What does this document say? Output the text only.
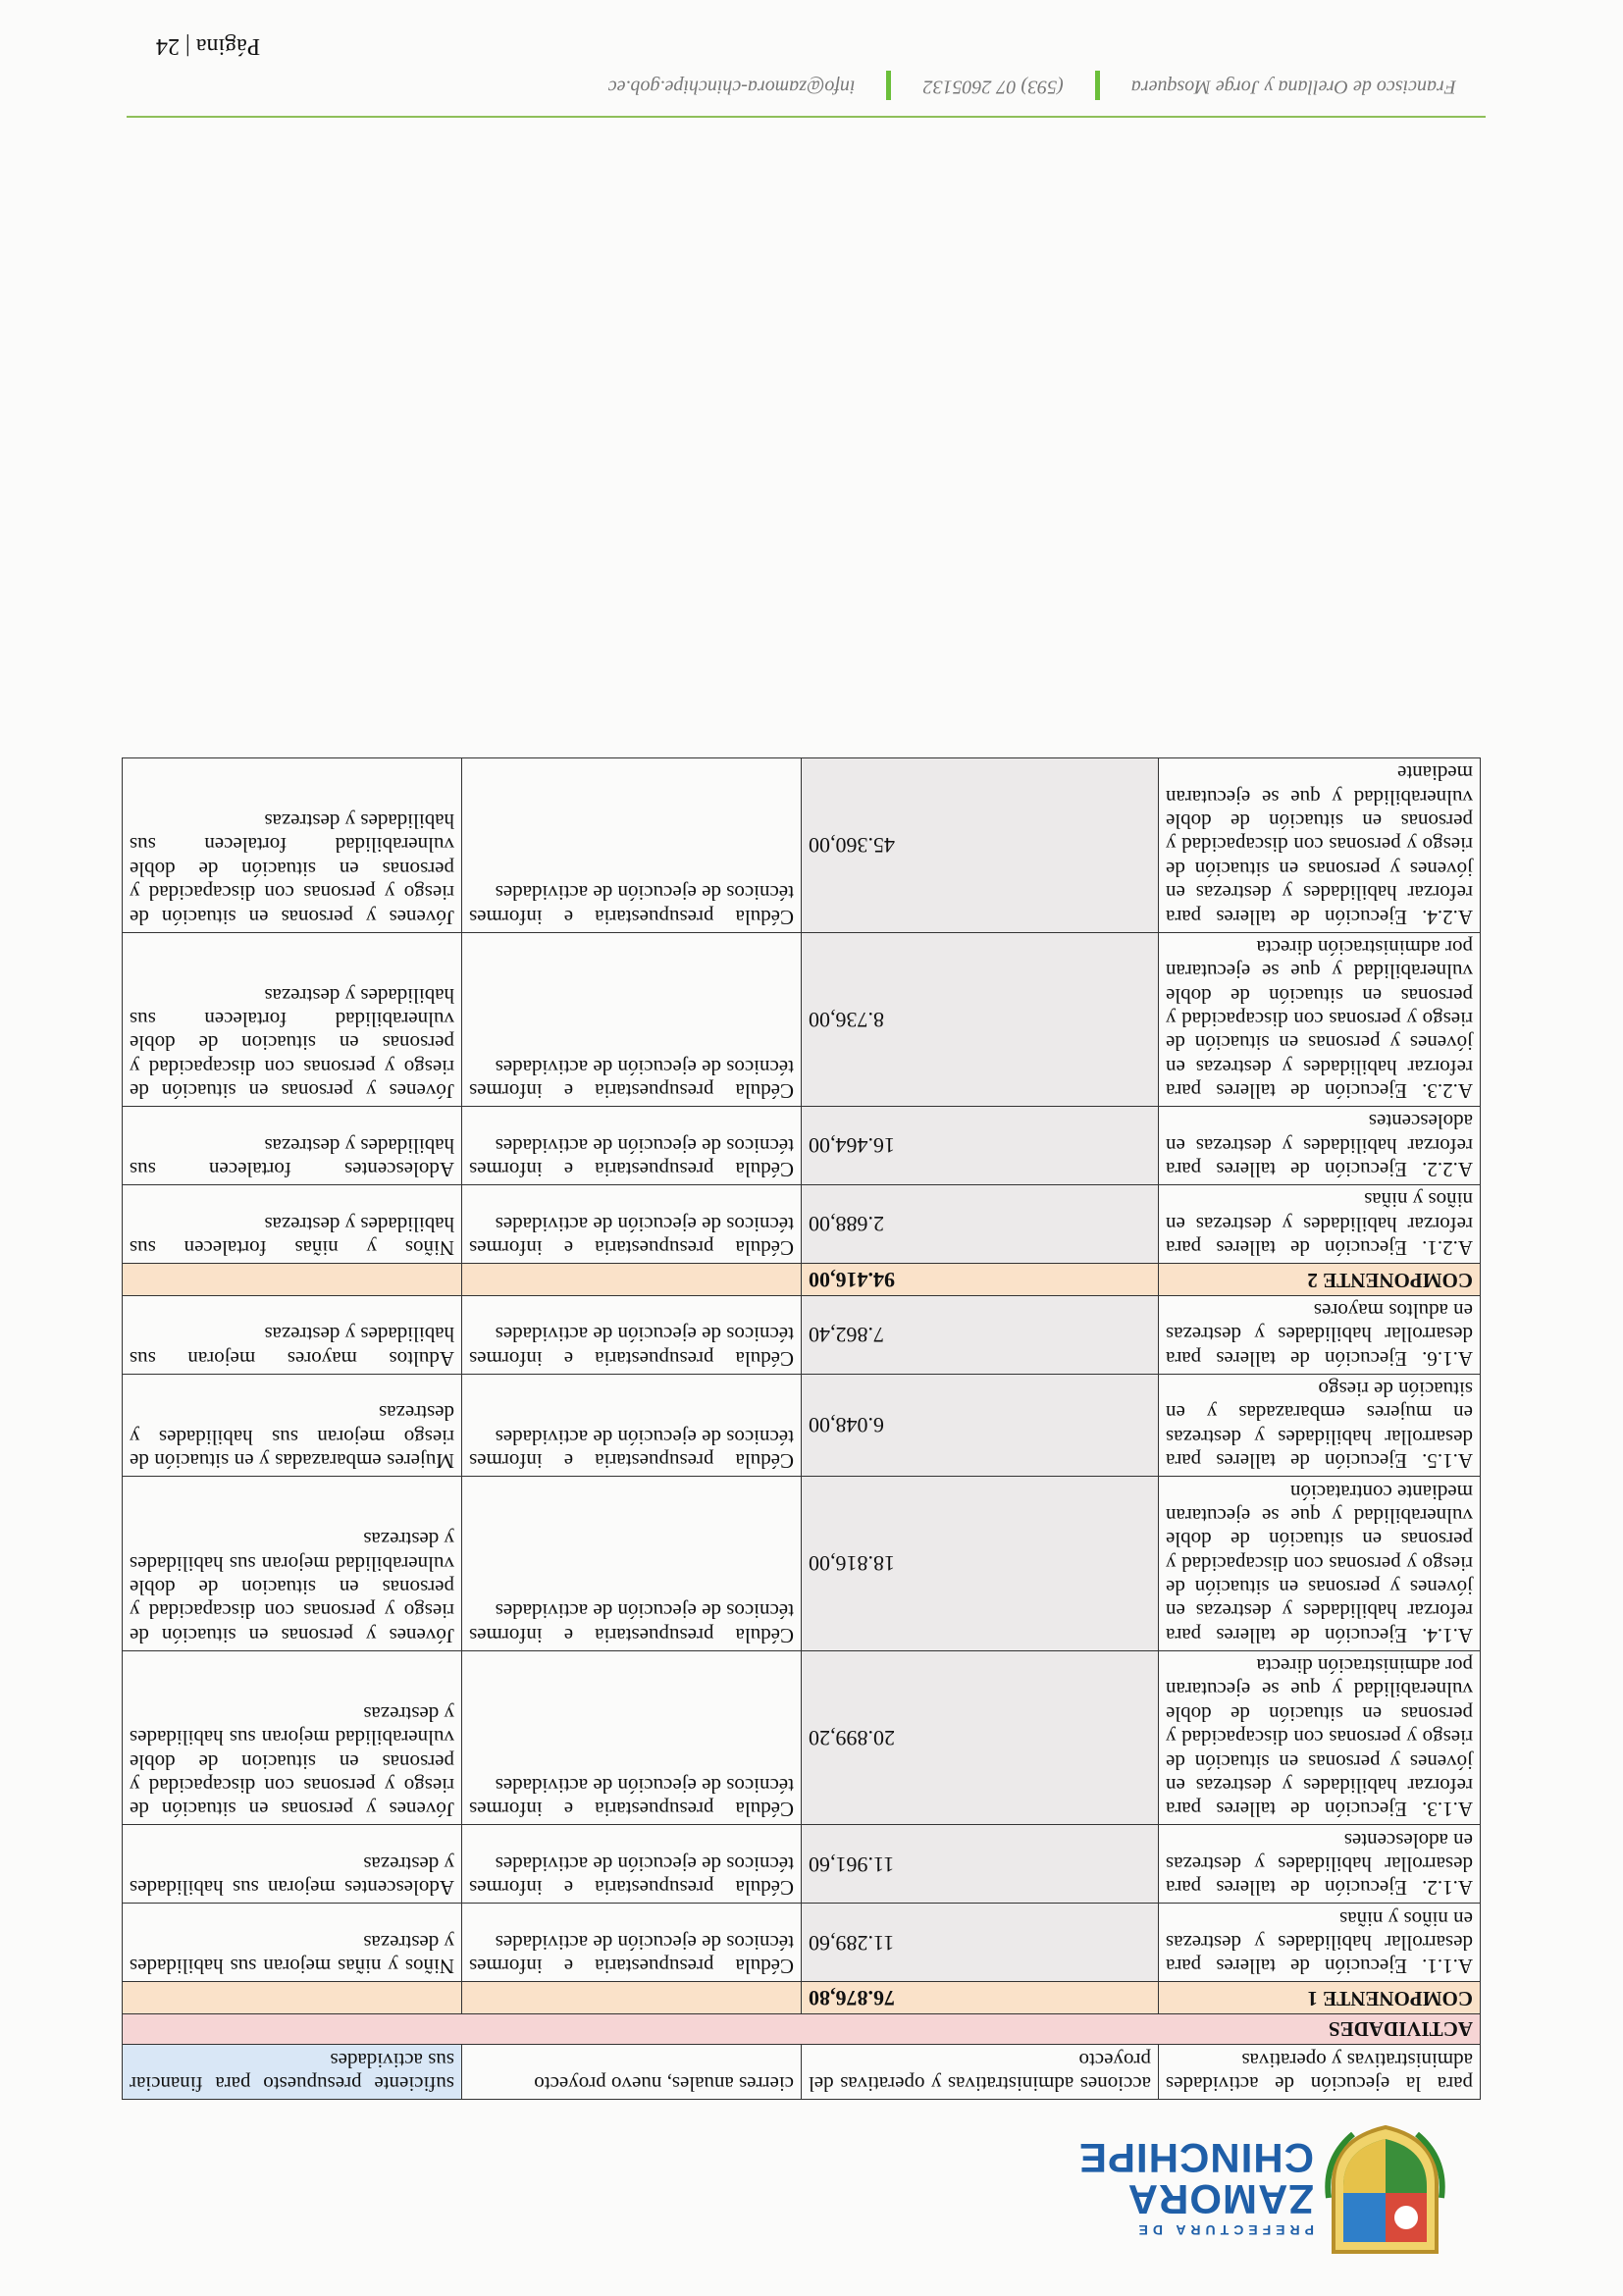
PREFECTURA DE
ZAMORA
CHINCHIPE
para la ejecución de actividades administrativas y operativas	acciones administrativas y operativas del proyecto	cierres anuales, nuevo proyecto	suficiente presupuesto para financiar sus actividades
ACTIVIDADES			
COMPONENTE 1	76.876,80		
A.1.1. Ejecución de talleres para desarrollar habilidades y destrezas en niños y niñas	11.289,60	Cédula presupuestaria e informes técnicos de ejecución de actividades	Niños y niñas mejoran sus habilidades y destrezas
A.1.2. Ejecución de talleres para desarrollar habilidades y destrezas en adolescentes	11.961,60	Cédula presupuestaria e informes técnicos de ejecución de actividades	Adolescentes mejoran sus habilidades y destrezas
A.1.3. Ejecución de talleres para reforzar habilidades y destrezas en jóvenes y personas en situación de riesgo y personas con discapacidad y personas en situación de doble vulnerabilidad y que se ejecutaran por administración directa	20.899,20	Cédula presupuestaria e informes técnicos de ejecución de actividades	Jóvenes y personas en situación de riesgo y personas con discapacidad y personas en situacion de doble vulnerabilidad mejoran sus habilidades y destrezas
A.1.4. Ejecución de talleres para reforzar habilidades y destrezas en jóvenes y personas en situación de riesgo y personas con discapacidad y personas en situación de doble vulnerabilidad y que se ejecutaran mediante contratación	18.816,00	Cédula presupuestaria e informes técnicos de ejecución de actividades	Jóvenes y personas en situación de riesgo y personas con discapacidad y personas en situacion de doble vulnerabilidad mejoran sus habilidades y destrezas
A.1.5. Ejecución de talleres para desarrollar habilidades y destrezas en mujeres embarazadas y en situación de riesgo	6.048,00	Cédula presupuestaria e informes técnicos de ejecución de actividades	Mujeres embarazadas y en situación de riesgo mejoran sus habilidades y destrezas
A.1.6. Ejecución de talleres para desarrollar habilidades y destrezas en adultos mayores	7.862,40	Cédula presupuestaria e informes técnicos de ejecución de actividades	Adultos mayores mejoran sus habilidades y destrezas
COMPONENTE 2	94.416,00		
A.2.1. Ejecución de talleres para reforzar habilidades y destrezas en niños y niñas	2.688,00	Cédula presupuestaria e informes técnicos de ejecución de actividades	Niños y niñas fortalecen sus habilidades y destrezas
A.2.2. Ejecución de talleres para reforzar habilidades y destrezas en adolescentes	16.464,00	Cédula presupuestaria e informes técnicos de ejecución de actividades	Adolescentes fortalecen sus habilidades y destrezas
A.2.3. Ejecución de talleres para reforzar habilidades y destrezas en jóvenes y personas en situación de riesgo y personas con discapacidad y personas en situación de doble vulnerabilidad y que se ejecutaran por administración directa	8.736,00	Cédula presupuestaria e informes técnicos de ejecución de actividades	Jóvenes y personas en situación de riesgo y personas con discapacidad y personas en situacion de doble vulnerabilidad fortalecen sus habilidades y destrezas
A.2.4. Ejecución de talleres para reforzar habilidades y destrezas en jóvenes y personas en situación de riesgo y personas con discapacidad y personas en situación de doble vulnerabilidad y que se ejecutaran mediante	45.360,00	Cédula presupuestaria e informes técnicos de ejecución de actividades	Jóvenes y personas en situación de riesgo y personas con discapacidad y personas en situación de doble vulnerabilidad fortalecen sus habilidades y destrezas
Francisco de Orellana y Jorge Mosquera(593) 07 2605132info@zamora-chinchipe.gob.ec
Página | 24
